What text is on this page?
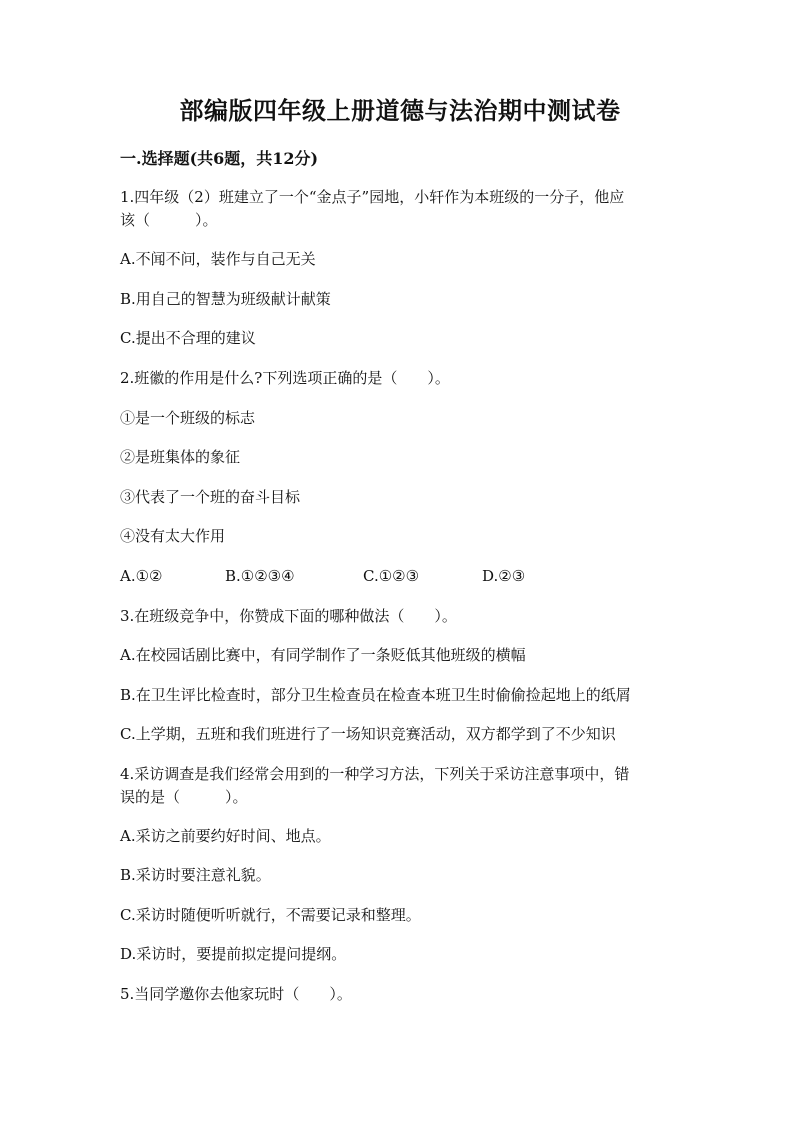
部编版四年级上册道德与法治期中测试卷
一.选择题(共6题，共12分)
1.四年级（2）班建立了一个“金点子”园地，小轩作为本班级的一分子，他应
该（　　　）。
A.不闻不问，装作与自己无关
B.用自己的智慧为班级献计献策
C.提出不合理的建议
2.班徽的作用是什么?下列选项正确的是（　　）。
①是一个班级的标志
②是班集体的象征
③代表了一个班的奋斗目标
④没有太大作用
A.①②	B.①②③④	C.①②③	D.②③
3.在班级竞争中，你赞成下面的哪种做法（　　）。
A.在校园话剧比赛中，有同学制作了一条贬低其他班级的横幅
B.在卫生评比检查时，部分卫生检查员在检查本班卫生时偷偷捡起地上的纸屑
C.上学期，五班和我们班进行了一场知识竞赛活动，双方都学到了不少知识
4.采访调查是我们经常会用到的一种学习方法，下列关于采访注意事项中，错
误的是（　　　）。
A.采访之前要约好时间、地点。
B.采访时要注意礼貌。
C.采访时随便听听就行，不需要记录和整理。
D.采访时，要提前拟定提问提纲。
5.当同学邀你去他家玩时（　　）。
